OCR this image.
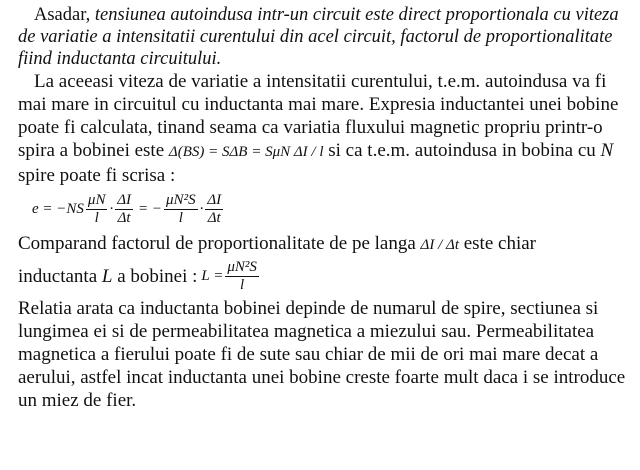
Asadar, tensiunea autoindusa intr-un circuit este direct proportionala cu viteza de variatie a intensitatii curentului din acel circuit, factorul de proportionalitate fiind inductanta circuitului.

La aceeasi viteza de variatie a intensitatii curentului, t.e.m. autoindusa va fi mai mare in circuitul cu inductanta mai mare. Expresia inductantei unei bobine poate fi calculata, tinand seama ca variatia fluxului magnetic propriu printr-o spira a bobinei este Δ(BS) = SΔB = SμN ΔI / l si ca t.e.m. autoindusa in bobina cu N spire poate fi scrisa :

$e = -NS \frac{\mu N}{l} \cdot \frac{\Delta I}{\Delta t}$ = − $\frac{\text{μN²S}}{l} \cdot \frac{\Delta I}{\Delta t}$

Comparand factorul de proportionalitate de pe langa ΔI / Δt este chiar

inductanta
L
a bobinei : $L = \frac{\text{μN²S}}{l}$

Relatia arata ca inductanta bobinei depinde de numarul de spire, sectiunea si lungimea ei si de permeabilitatea magnetica a miezului sau. Permeabilitatea magnetica a fierului poate fi de sute sau chiar de mii de ori mai mare decat a aerului, astfel incat inductanta unei bobine creste foarte mult daca i se introduce un miez de fier.
